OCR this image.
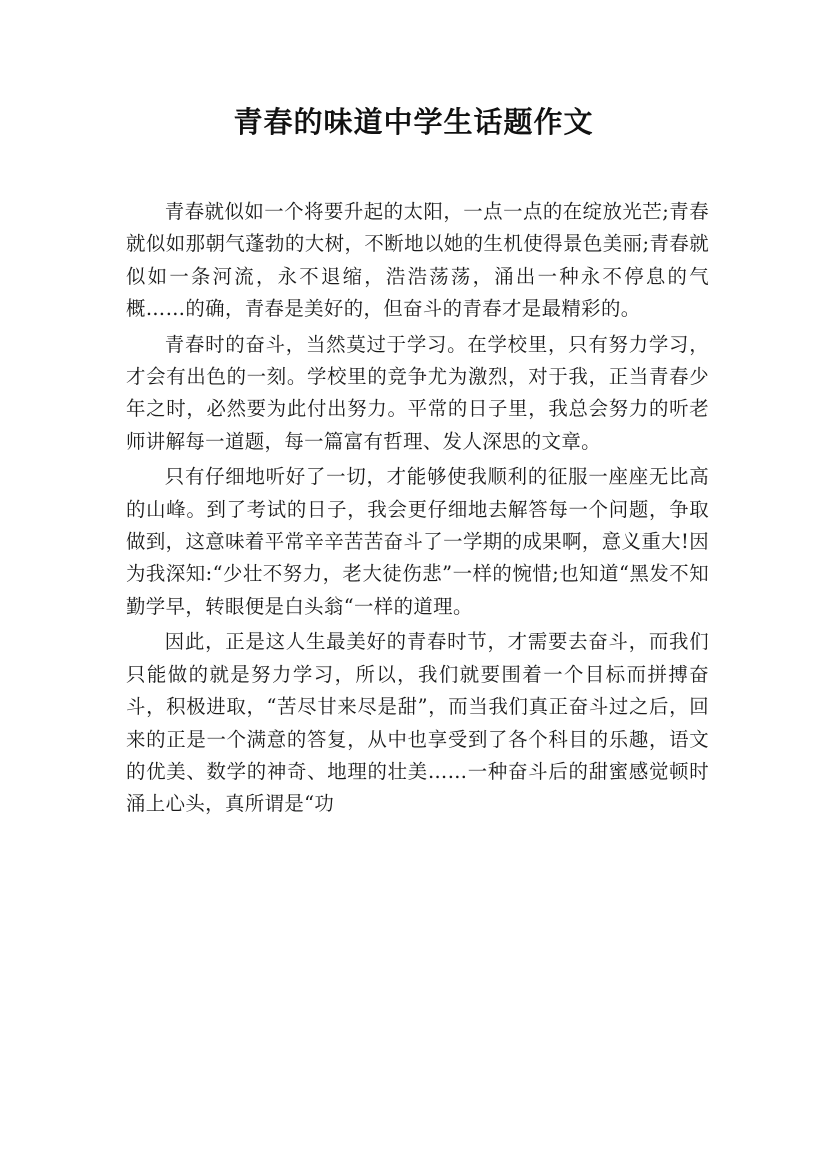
青春的味道中学生话题作文

青春就似如一个将要升起的太阳，一点一点的在绽放光芒;青春就似如那朝气蓬勃的大树，不断地以她的生机使得景色美丽;青春就似如一条河流，永不退缩，浩浩荡荡，涌出一种永不停息的气概……的确，青春是美好的，但奋斗的青春才是最精彩的。

青春时的奋斗，当然莫过于学习。在学校里，只有努力学习，才会有出色的一刻。学校里的竞争尤为激烈，对于我，正当青春少年之时，必然要为此付出努力。平常的日子里，我总会努力的听老师讲解每一道题，每一篇富有哲理、发人深思的文章。

只有仔细地听好了一切，才能够使我顺利的征服一座座无比高的山峰。到了考试的日子，我会更仔细地去解答每一个问题，争取做到，这意味着平常辛辛苦苦奋斗了一学期的成果啊，意义重大!因为我深知:“少壮不努力，老大徒伤悲”一样的惋惜;也知道“黑发不知勤学早，转眼便是白头翁“一样的道理。

因此，正是这人生最美好的青春时节，才需要去奋斗，而我们只能做的就是努力学习，所以，我们就要围着一个目标而拼搏奋斗，积极进取，“苦尽甘来尽是甜”，而当我们真正奋斗过之后，回来的正是一个满意的答复，从中也享受到了各个科目的乐趣，语文的优美、数学的神奇、地理的壮美……一种奋斗后的甜蜜感觉顿时涌上心头，真所谓是“功
